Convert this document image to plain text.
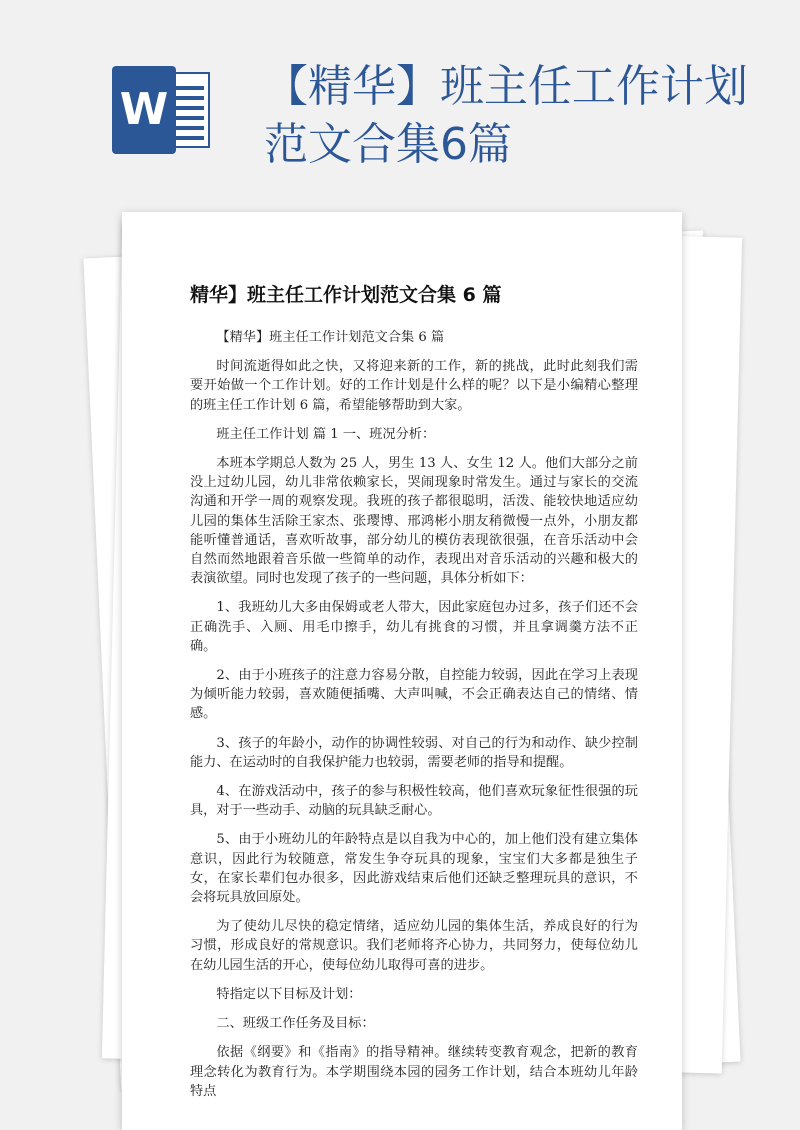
W 【精华】班主任工作计划范文合集6篇
精华】班主任工作计划范文合集 6 篇

【精华】班主任工作计划范文合集 6 篇

时间流逝得如此之快，又将迎来新的工作，新的挑战，此时此刻我们需要开始做一个工作计划。好的工作计划是什么样的呢？以下是小编精心整理的班主任工作计划 6 篇，希望能够帮助到大家。

班主任工作计划 篇 1 一、班况分析：

本班本学期总人数为 25 人，男生 13 人、女生 12 人。他们大部分之前没上过幼儿园，幼儿非常依赖家长，哭闹现象时常发生。通过与家长的交流沟通和开学一周的观察发现。我班的孩子都很聪明，活泼、能较快地适应幼儿园的集体生活除王家杰、张璎博、邢鸿彬小朋友稍微慢一点外，小朋友都能听懂普通话，喜欢听故事，部分幼儿的模仿表现欲很强，在音乐活动中会自然而然地跟着音乐做一些简单的动作，表现出对音乐活动的兴趣和极大的表演欲望。同时也发现了孩子的一些问题，具体分析如下：

1、我班幼儿大多由保姆或老人带大，因此家庭包办过多，孩子们还不会正确洗手、入厕、用毛巾擦手，幼儿有挑食的习惯，并且拿调羹方法不正确。

2、由于小班孩子的注意力容易分散，自控能力较弱，因此在学习上表现为倾听能力较弱，喜欢随便插嘴、大声叫喊，不会正确表达自己的情绪、情感。

3、孩子的年龄小，动作的协调性较弱、对自己的行为和动作、缺少控制能力、在运动时的自我保护能力也较弱，需要老师的指导和提醒。

4、在游戏活动中，孩子的参与积极性较高，他们喜欢玩象征性很强的玩具，对于一些动手、动脑的玩具缺乏耐心。

5、由于小班幼儿的年龄特点是以自我为中心的，加上他们没有建立集体意识，因此行为较随意，常发生争夺玩具的现象，宝宝们大多都是独生子女，在家长辈们包办很多，因此游戏结束后他们还缺乏整理玩具的意识，不会将玩具放回原处。

为了使幼儿尽快的稳定情绪，适应幼儿园的集体生活，养成良好的行为习惯，形成良好的常规意识。我们老师将齐心协力，共同努力，使每位幼儿在幼儿园生活的开心，使每位幼儿取得可喜的进步。

特指定以下目标及计划：

二、班级工作任务及目标：

依据《纲要》和《指南》的指导精神。继续转变教育观念，把新的教育理念转化为教育行为。本学期围绕本园的园务工作计划，结合本班幼儿年龄特点
